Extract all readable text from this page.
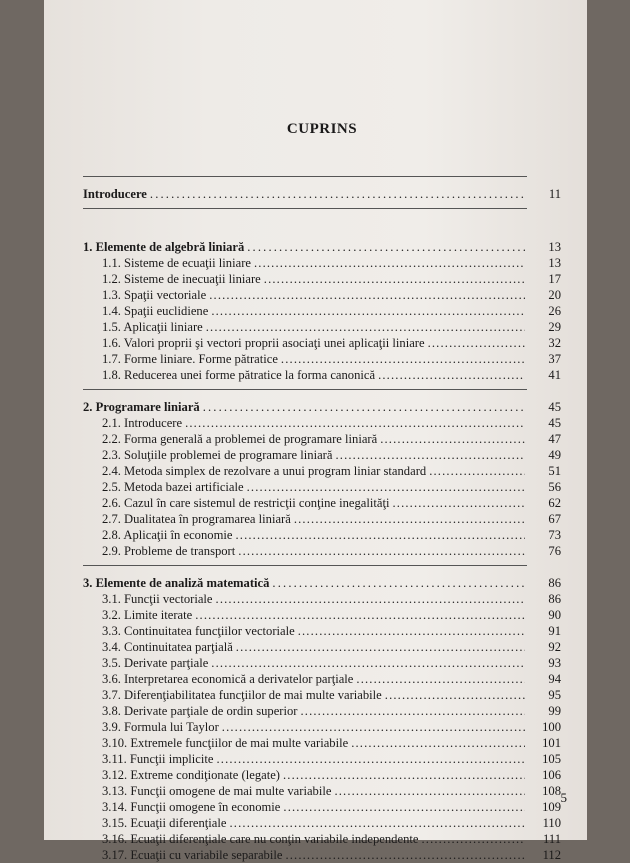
CUPRINS
Introducere . . .	11
1. Elemente de algebră liniară . . .	13
1.1. Sisteme de ecuaţii liniare . . .	13
1.2. Sisteme de inecuaţii liniare . . .	17
1.3. Spaţii vectoriale . . .	20
1.4. Spaţii euclidiene . . .	26
1.5. Aplicaţii liniare . . .	29
1.6. Valori proprii şi vectori proprii asociaţi unei aplicaţii liniare . . .	32
1.7. Forme liniare. Forme pătratice . . .	37
1.8. Reducerea unei forme pătratice la forma canonică . . .	41
2. Programare liniară . . .	45
2.1. Introducere . . .	45
2.2. Forma generală a problemei de programare liniară . . .	47
2.3. Soluţiile problemei de programare liniară . . .	49
2.4. Metoda simplex de rezolvare a unui program liniar standard . . .	51
2.5. Metoda bazei artificiale . . .	56
2.6. Cazul în care sistemul de restricţii conţine inegalităţi . . .	62
2.7. Dualitatea în programarea liniară . . .	67
2.8. Aplicaţii în economie . . .	73
2.9. Probleme de transport . . .	76
3. Elemente de analiză matematică . . .	86
3.1. Funcţii vectoriale . . .	86
3.2. Limite iterate . . .	90
3.3. Continuitatea funcţiilor vectoriale . . .	91
3.4. Continuitatea parţială . . .	92
3.5. Derivate parţiale . . .	93
3.6. Interpretarea economică a derivatelor parţiale . . .	94
3.7. Diferenţiabilitatea funcţiilor de mai multe variabile . . .	95
3.8. Derivate parţiale de ordin superior . . .	99
3.9. Formula lui Taylor . . .	100
3.10. Extremele funcţiilor de mai multe variabile . . .	101
3.11. Funcţii implicite . . .	105
3.12. Extreme condiţionate (legate) . . .	106
3.13. Funcţii omogene de mai multe variabile . . .	108
3.14. Funcţii omogene în economie . . .	109
3.15. Ecuaţii diferenţiale . . .	110
3.16. Ecuaţii diferenţiale care nu conţin variabile independente . . .	111
3.17. Ecuaţii cu variabile separabile . . .	112
5
